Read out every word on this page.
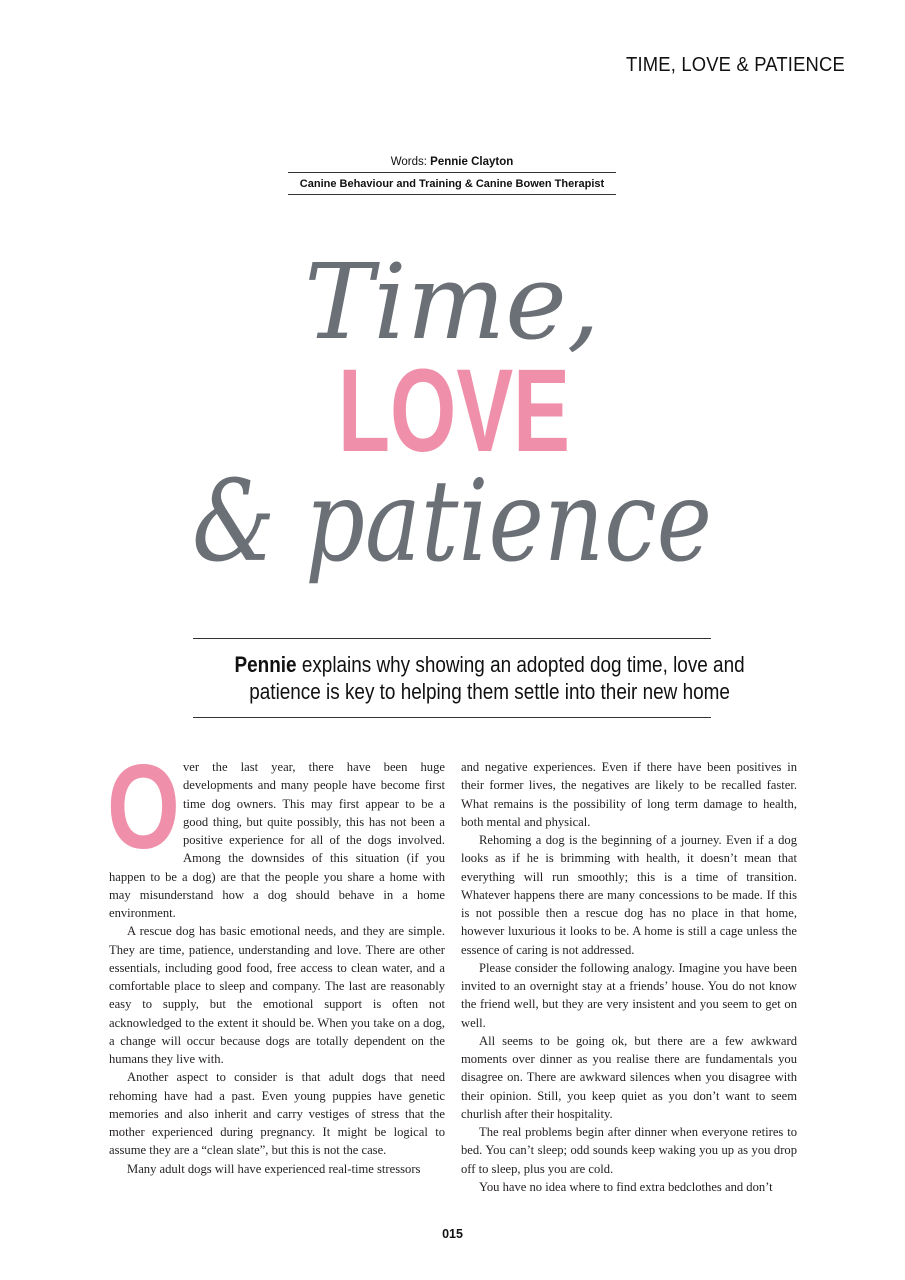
TIME, LOVE & PATIENCE
Words: Pennie Clayton
Canine Behaviour and Training & Canine Bowen Therapist
Time,
LOVE
& patience
Pennie explains why showing an adopted dog time, love and
patience is key to helping them settle into their new home

Over the last year, there have been huge developments and many people have become first time dog owners. This may first appear to be a good thing, but quite possibly, this has not been a positive experience for all of the dogs involved. Among the downsides of this situation (if you happen to be a dog) are that the people you share a home with may misunderstand how a dog should behave in a home environment.

A rescue dog has basic emotional needs, and they are simple. They are time, patience, understanding and love. There are other essentials, including good food, free access to clean water, and a comfortable place to sleep and company. The last are reasonably easy to supply, but the emotional support is often not acknowledged to the extent it should be. When you take on a dog, a change will occur because dogs are totally dependent on the humans they live with.

Another aspect to consider is that adult dogs that need rehoming have had a past. Even young puppies have genetic memories and also inherit and carry vestiges of stress that the mother experienced during pregnancy. It might be logical to assume they are a “clean slate”, but this is not the case.

Many adult dogs will have experienced real-time stressors

and negative experiences. Even if there have been positives in their former lives, the negatives are likely to be recalled faster. What remains is the possibility of long term damage to health, both mental and physical.

Rehoming a dog is the beginning of a journey. Even if a dog looks as if he is brimming with health, it doesn’t mean that everything will run smoothly; this is a time of transition. Whatever happens there are many concessions to be made. If this is not possible then a rescue dog has no place in that home, however luxurious it looks to be. A home is still a cage unless the essence of caring is not addressed.

Please consider the following analogy. Imagine you have been invited to an overnight stay at a friends’ house. You do not know the friend well, but they are very insistent and you seem to get on well.

All seems to be going ok, but there are a few awkward moments over dinner as you realise there are fundamentals you disagree on. There are awkward silences when you disagree with their opinion. Still, you keep quiet as you don’t want to seem churlish after their hospitality.

The real problems begin after dinner when everyone retires to bed. You can’t sleep; odd sounds keep waking you up as you drop off to sleep, plus you are cold.

You have no idea where to find extra bedclothes and don’t

015
